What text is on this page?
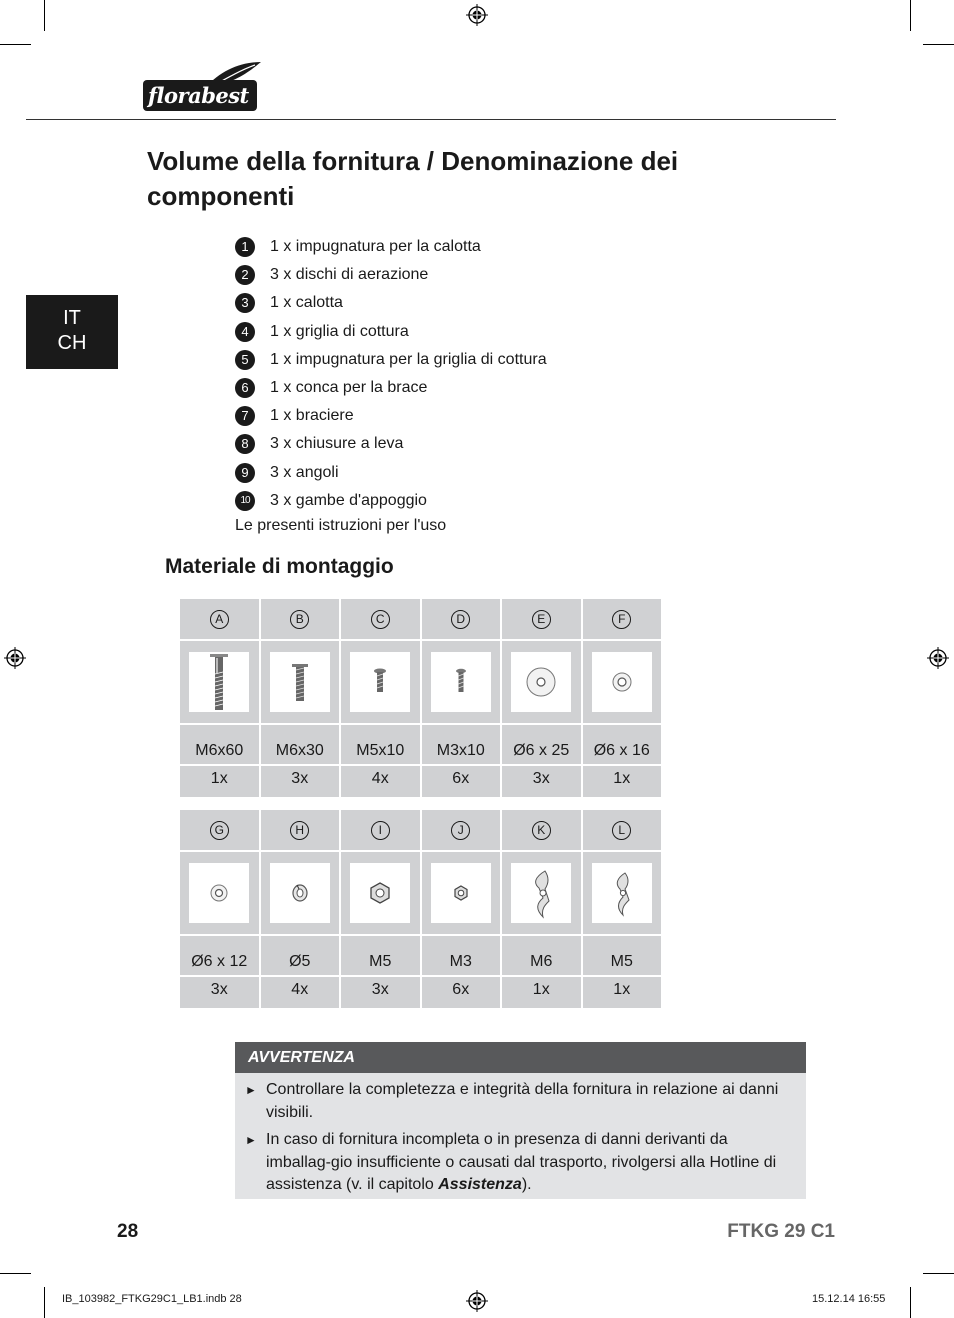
florabest
IT
CH
Volume della fornitura / Denominazione dei componenti
1	1 x impugnatura per la calotta
2	3 x dischi di aerazione
3	1 x calotta
4	1 x griglia di cottura
5	1 x impugnatura per la griglia di cottura
6	1 x conca per la brace
7	1 x braciere
8	3 x chiusure a leva
9	3 x angoli
10	3 x gambe d'appoggio
Le presenti istruzioni per l'uso
Materiale di montaggio
A	B	C	D	E	F

M6x60	M6x30	M5x10	M3x10	Ø6 x 25	Ø6 x 16
1x	3x	4x	6x	3x	1x
G	H	I	J	K	L

Ø6 x 12	Ø5	M5	M3	M6	M5
3x	4x	3x	6x	1x	1x
AVVERTENZA
► Controllare la completezza e integrità della fornitura in relazione ai danni visibili.
► In caso di fornitura incompleta o in presenza di danni derivanti da imballag-gio insufficiente o causati dal trasporto, rivolgersi alla Hotline di assistenza (v. il capitolo Assistenza).
28	FTKG 29 C1
IB_103982_FTKG29C1_LB1.indb 28	15.12.14 16:55
